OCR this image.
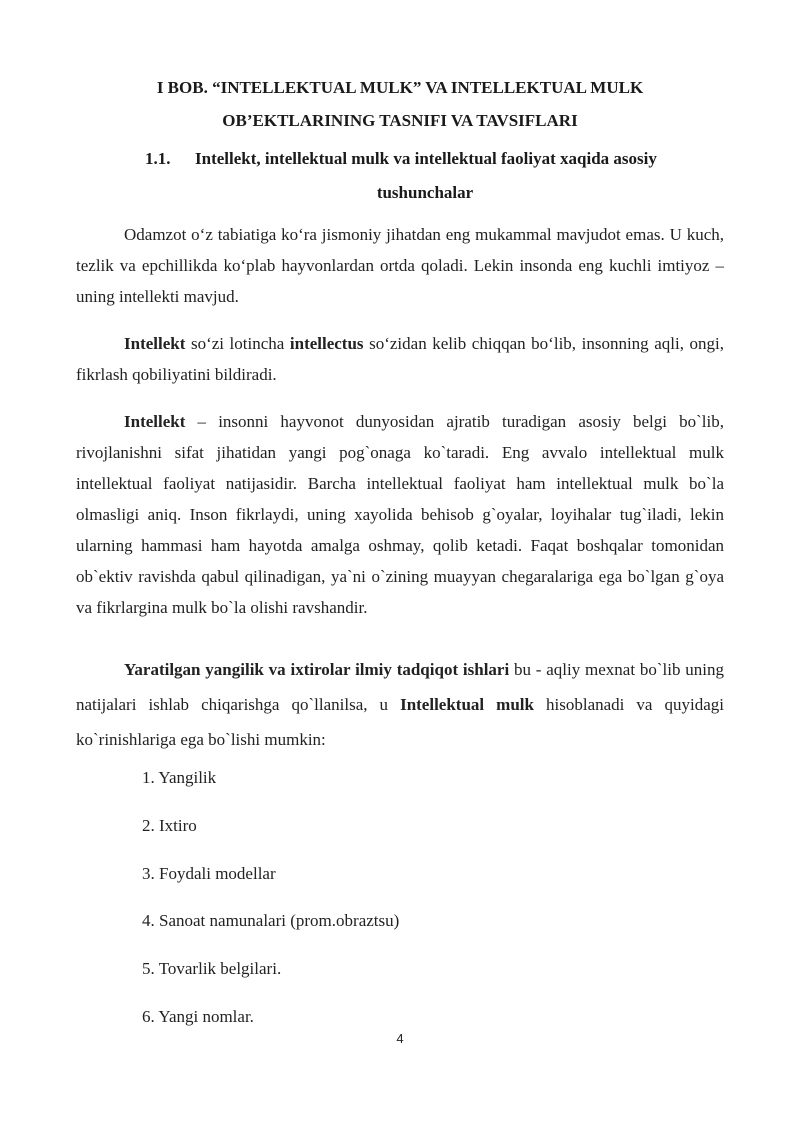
I BOB. “INTELLEKTUAL MULK” VA INTELLEKTUAL MULK
OB’EKTLARINING TASNIFI VA TAVSIFLARI
1.1. Intellekt, intellektual mulk va intellektual faoliyat xaqida asosiy
tushunchalar

Odamzot o‘z tabiatiga ko‘ra jismoniy jihatdan eng mukammal mavjudot emas. U kuch, tezlik va epchillikda ko‘plab hayvonlardan ortda qoladi. Lekin insonda eng kuchli imtiyoz – uning intellekti mavjud.

Intellekt so‘zi lotincha intellectus so‘zidan kelib chiqqan bo‘lib, insonning aqli, ongi, fikrlash qobiliyatini bildiradi.

Intellekt – insonni hayvonot dunyosidan ajratib turadigan asosiy belgi bo`lib, rivojlanishni sifat jihatidan yangi pog`onaga ko`taradi. Eng avvalo intellektual mulk intellektual faoliyat natijasidir. Barcha intellektual faoliyat ham intellektual mulk bo`la olmasligi aniq. Inson fikrlaydi, uning xayolida behisob g`oyalar, loyihalar tug`iladi, lekin ularning hammasi ham hayotda amalga oshmay, qolib ketadi. Faqat boshqalar tomonidan ob`ektiv ravishda qabul qilinadigan, ya`ni o`zining muayyan chegaralariga ega bo`lgan g`oya va fikrlargina mulk bo`la olishi ravshandir.

Yaratilgan yangilik va ixtirolar ilmiy tadqiqot ishlari bu - aqliy mexnat bo`lib uning natijalari ishlab chiqarishga qo`llanilsa, u Intellektual mulk hisoblanadi va quyidagi ko`rinishlariga ega bo`lishi mumkin:

1. Yangilik
2. Ixtiro
3. Foydali modellar
4. Sanoat namunalari (prom.obraztsu)
5. Tovarlik belgilari.
6. Yangi nomlar.
4
